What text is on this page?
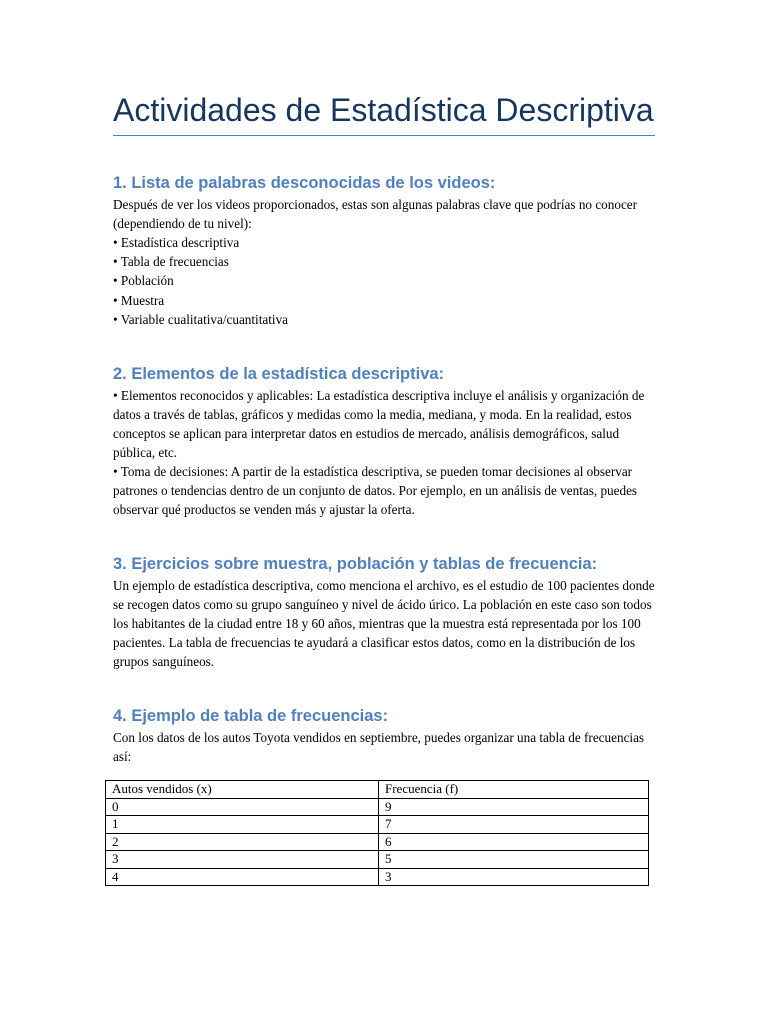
Actividades de Estadística Descriptiva
1. Lista de palabras desconocidas de los videos:

Después de ver los videos proporcionados, estas son algunas palabras clave que podrías no conocer (dependiendo de tu nivel):

• Estadística descriptiva
• Tabla de frecuencias
• Población
• Muestra
• Variable cualitativa/cuantitativa
2. Elementos de la estadística descriptiva:
• Elementos reconocidos y aplicables: La estadística descriptiva incluye el análisis y organización de datos a través de tablas, gráficos y medidas como la media, mediana, y moda. En la realidad, estos conceptos se aplican para interpretar datos en estudios de mercado, análisis demográficos, salud pública, etc.
• Toma de decisiones: A partir de la estadística descriptiva, se pueden tomar decisiones al observar patrones o tendencias dentro de un conjunto de datos. Por ejemplo, en un análisis de ventas, puedes observar qué productos se venden más y ajustar la oferta.
3. Ejercicios sobre muestra, población y tablas de frecuencia:

Un ejemplo de estadística descriptiva, como menciona el archivo, es el estudio de 100 pacientes donde se recogen datos como su grupo sanguíneo y nivel de ácido úrico. La población en este caso son todos los habitantes de la ciudad entre 18 y 60 años, mientras que la muestra está representada por los 100 pacientes. La tabla de frecuencias te ayudará a clasificar estos datos, como en la distribución de los grupos sanguíneos.

4. Ejemplo de tabla de frecuencias:

Con los datos de los autos Toyota vendidos en septiembre, puedes organizar una tabla de frecuencias así:

Autos vendidos (x)	Frecuencia (f)
0	9
1	7
2	6
3	5
4	3
